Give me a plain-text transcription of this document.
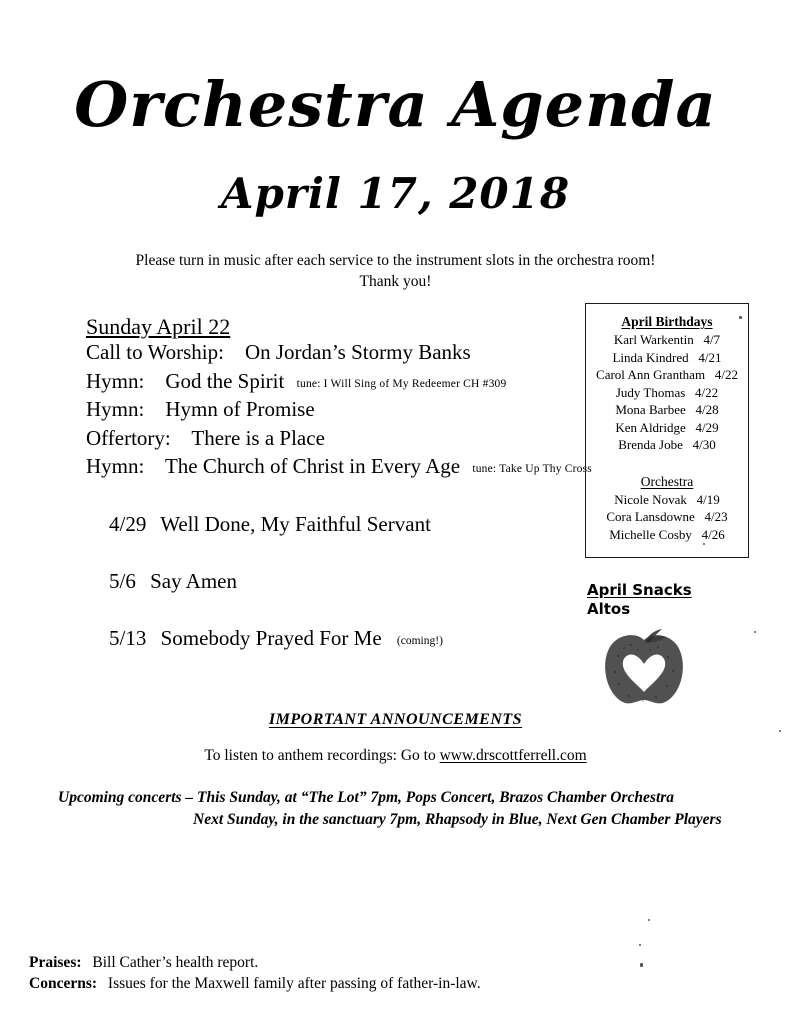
Orchestra Agenda
April 17, 2018
Please turn in music after each service to the instrument slots in the orchestra room!
Thank you!
Sunday April 22
Call to Worship: On Jordan’s Stormy Banks
Hymn: God the Spirit tune: I Will Sing of My Redeemer CH #309
Hymn: Hymn of Promise
Offertory: There is a Place
Hymn: The Church of Christ in Every Age tune: Take Up Thy Cross
4/29 Well Done, My Faithful Servant
5/6 Say Amen
5/13 Somebody Prayed For Me (coming!)
April Birthdays
Karl Warkentin 4/7
Linda Kindred 4/21
Carol Ann Grantham 4/22
Judy Thomas 4/22
Mona Barbee 4/28
Ken Aldridge 4/29
Brenda Jobe 4/30
Orchestra
Nicole Novak 4/19
Cora Lansdowne 4/23
Michelle Cosby 4/26
April Snacks
Altos
IMPORTANT ANNOUNCEMENTS
To listen to anthem recordings: Go to www.drscottferrell.com
Upcoming concerts – This Sunday, at “The Lot” 7pm, Pops Concert, Brazos Chamber Orchestra
Next Sunday, in the sanctuary 7pm, Rhapsody in Blue, Next Gen Chamber Players
Praises: Bill Cather’s health report.
Concerns: Issues for the Maxwell family after passing of father-in-law.
